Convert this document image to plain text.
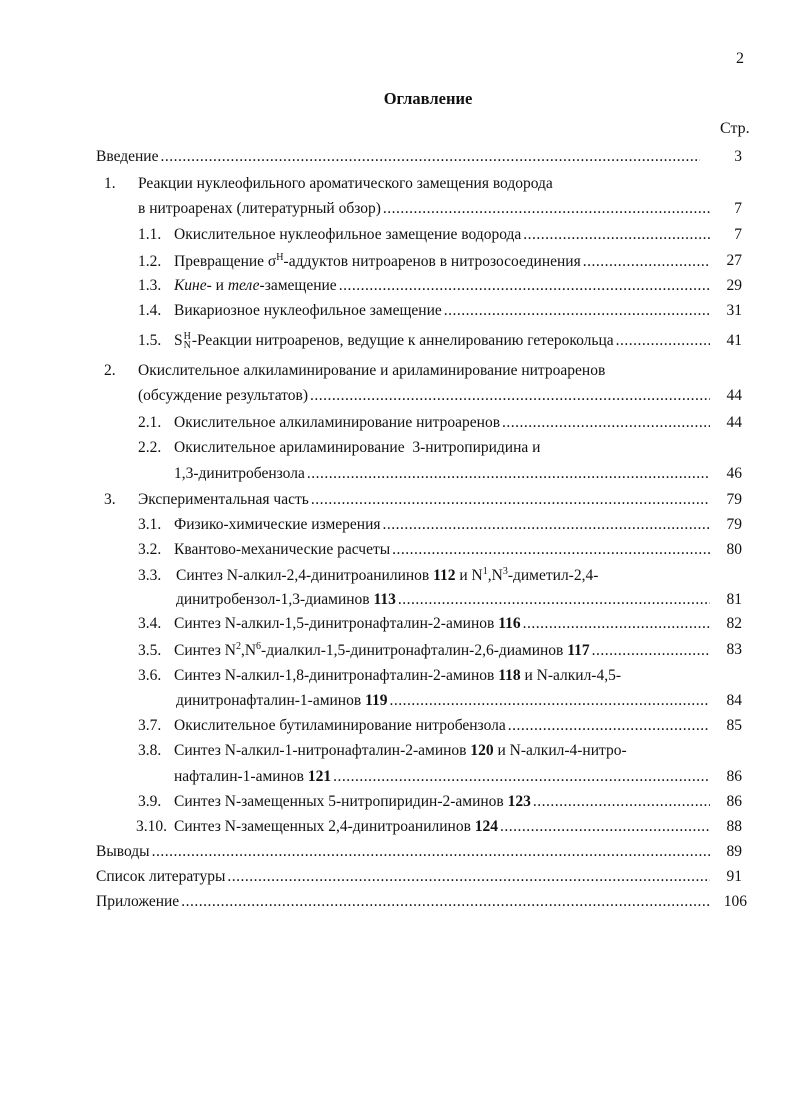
2
Оглавление
Стр.
Введение .....	3
1.	Реакции нуклеофильного ароматического замещения водорода
в нитроаренах (литературный обзор) .....	7
1.1. Окислительное нуклеофильное замещение водорода .....	7
1.2. Превращение $\sigma^H$-аддуктов нитроаренов в нитрозосоединения .....	27
1.3. Кине- и теле-замещение .....	29
1.4. Викариозное нуклеофильное замещение .....	31
1.5. SH
N-Реакции нитроаренов, ведущие к аннелированию гетерокольца .....	41
2.	Окислительное алкиламинирование и ариламинирование нитроаренов
(обсуждение результатов) .....	44
2.1. Окислительное алкиламинирование нитроаренов .....	44
2.2. Окислительное ариламинирование  3-нитропиридина и
1,3-динитробензола .....	46
3.	Экспериментальная часть .....	79
3.1. Физико-химические измерения .....	79
3.2. Квантово-механические расчеты .....	80
3.3. Синтез N-алкил-2,4-динитроанилинов 112 и $N^1,N^3-диметил-2,4-$
динитробензол-1,3-диаминов 113 .....	81
3.4. Синтез N-алкил-1,5-динитронафталин-2-аминов 116 .....	82
3.5. Синтез $N^2,N^6-диалкил-1,5-динитронафталин-2,6$-диаминов 117 .....	83
3.6. Синтез N-алкил-1,8-динитронафталин-2-аминов 118 и N-алкил-4,5-
динитронафталин-1-аминов 119 .....	84
3.7. Окислительное бутиламинирование нитробензола .....	85
3.8. Синтез N-алкил-1-нитронафталин-2-аминов 120 и N-алкил-4-нитро-
нафталин-1-аминов 121 .....	86
3.9. Синтез N-замещенных 5-нитропиридин-2-аминов 123 .....	86
3.10. Синтез N-замещенных 2,4-динитроанилинов 124 .....	88
Выводы .....	89
Список литературы .....	91
Приложение .....	106
